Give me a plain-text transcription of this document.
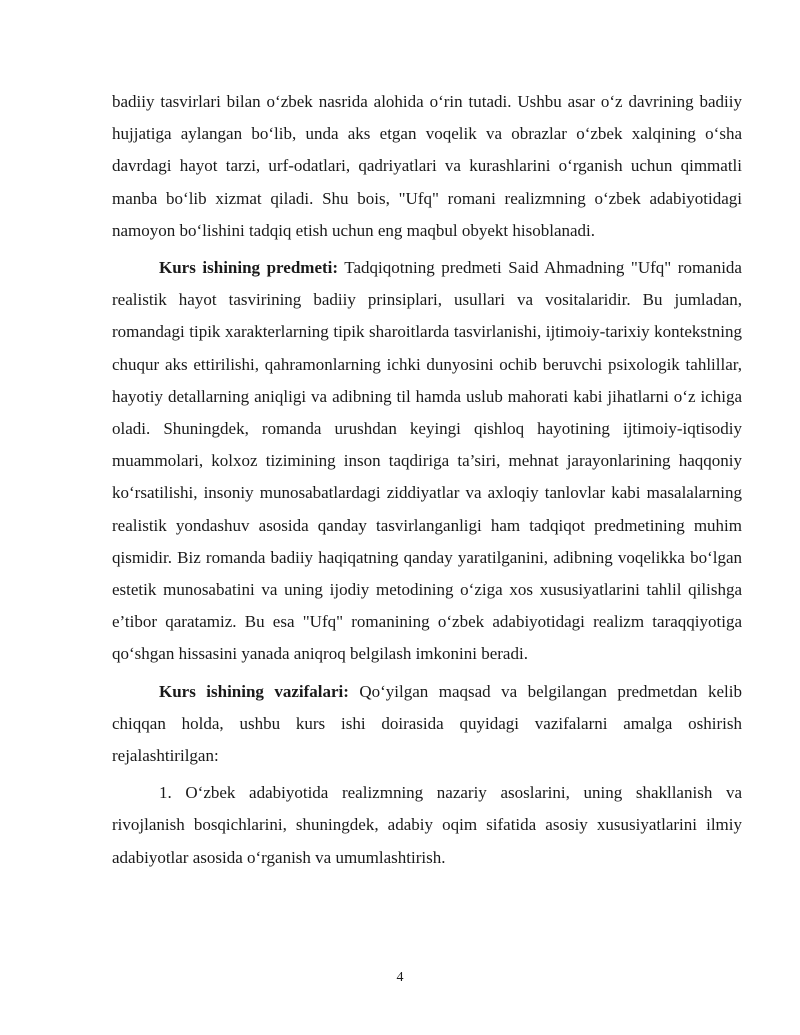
badiiy tasvirlari bilan o‘zbek nasrida alohida o‘rin tutadi. Ushbu asar o‘z davrining badiiy hujjatiga aylangan bo‘lib, unda aks etgan voqelik va obrazlar o‘zbek xalqining o‘sha davrdagi hayot tarzi, urf-odatlari, qadriyatlari va kurashlarini o‘rganish uchun qimmatli manba bo‘lib xizmat qiladi. Shu bois, "Ufq" romani realizmning o‘zbek adabiyotidagi namoyon bo‘lishini tadqiq etish uchun eng maqbul obyekt hisoblanadi.

Kurs ishining predmeti: Tadqiqotning predmeti Said Ahmadning "Ufq" romanida realistik hayot tasvirining badiiy prinsiplari, usullari va vositalaridir. Bu jumladan, romandagi tipik xarakterlarning tipik sharoitlarda tasvirlanishi, ijtimoiy-tarixiy kontekstning chuqur aks ettirilishi, qahramonlarning ichki dunyosini ochib beruvchi psixologik tahlillar, hayotiy detallarning aniqligi va adibning til hamda uslub mahorati kabi jihatlarni o‘z ichiga oladi. Shuningdek, romanda urushdan keyingi qishloq hayotining ijtimoiy-iqtisodiy muammolari, kolxoz tizimining inson taqdiriga ta’siri, mehnat jarayonlarining haqqoniy ko‘rsatilishi, insoniy munosabatlardagi ziddiyatlar va axloqiy tanlovlar kabi masalalarning realistik yondashuv asosida qanday tasvirlanganligi ham tadqiqot predmetining muhim qismidir. Biz romanda badiiy haqiqatning qanday yaratilganini, adibning voqelikka bo‘lgan estetik munosabatini va uning ijodiy metodining o‘ziga xos xususiyatlarini tahlil qilishga e’tibor qaratamiz. Bu esa "Ufq" romanining o‘zbek adabiyotidagi realizm taraqqiyotiga qo‘shgan hissasini yanada aniqroq belgilash imkonini beradi.

Kurs ishining vazifalari: Qo‘yilgan maqsad va belgilangan predmetdan kelib chiqqan holda, ushbu kurs ishi doirasida quyidagi vazifalarni amalga oshirish rejalashtirilgan:

1. O‘zbek adabiyotida realizmning nazariy asoslarini, uning shakllanish va rivojlanish bosqichlarini, shuningdek, adabiy oqim sifatida asosiy xususiyatlarini ilmiy adabiyotlar asosida o‘rganish va umumlashtirish.

4
